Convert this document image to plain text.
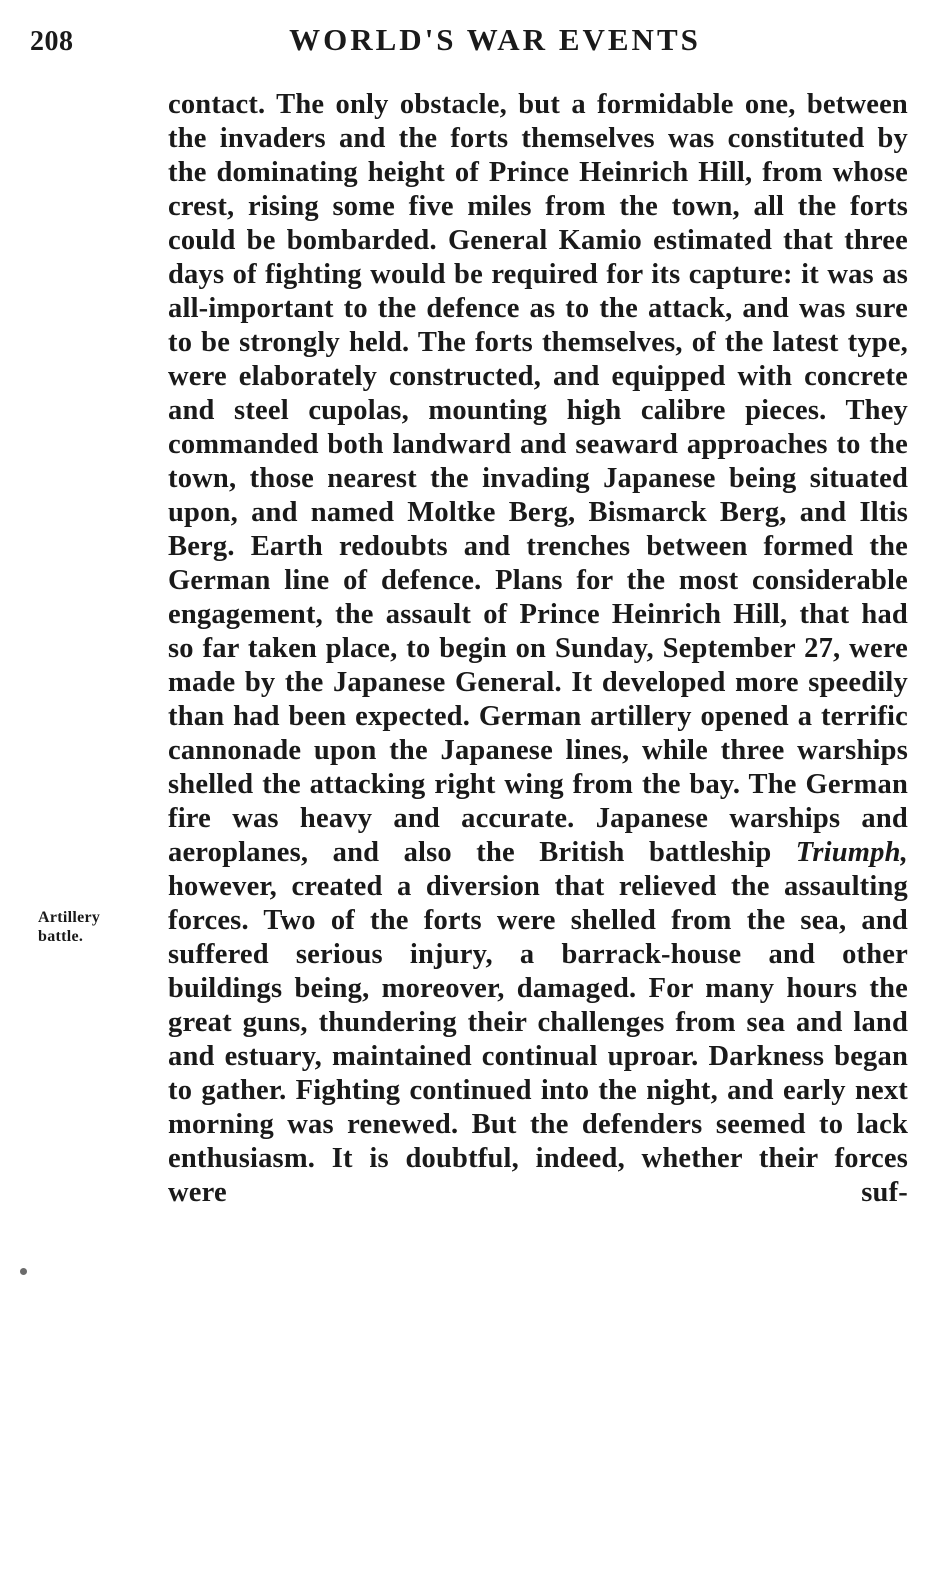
208	WORLD'S WAR EVENTS
Artillery
battle.

contact. The only obstacle, but a formidable one, between the invaders and the forts themselves was constituted by the dominating height of Prince Heinrich Hill, from whose crest, rising some five miles from the town, all the forts could be bombarded. General Kamio estimated that three days of fighting would be required for its capture: it was as all-important to the defence as to the attack, and was sure to be strongly held. The forts themselves, of the latest type, were elaborately constructed, and equipped with concrete and steel cupolas, mounting high calibre pieces. They commanded both landward and seaward approaches to the town, those nearest the invading Japanese being situated upon, and named Moltke Berg, Bismarck Berg, and Iltis Berg. Earth redoubts and trenches between formed the German line of defence. Plans for the most considerable engagement, the assault of Prince Heinrich Hill, that had so far taken place, to begin on Sunday, September 27, were made by the Japanese General. It developed more speedily than had been expected. German artillery opened a terrific cannonade upon the Japanese lines, while three warships shelled the attacking right wing from the bay. The German fire was heavy and accurate. Japanese warships and aeroplanes, and also the British battleship Triumph, however, created a diversion that relieved the assaulting forces. Two of the forts were shelled from the sea, and suffered serious injury, a barrack-house and other buildings being, moreover, damaged. For many hours the great guns, thundering their challenges from sea and land and estuary, maintained continual uproar. Darkness began to gather. Fighting continued into the night, and early next morning was renewed. But the defenders seemed to lack enthusiasm. It is doubtful, indeed, whether their forces were suf-
